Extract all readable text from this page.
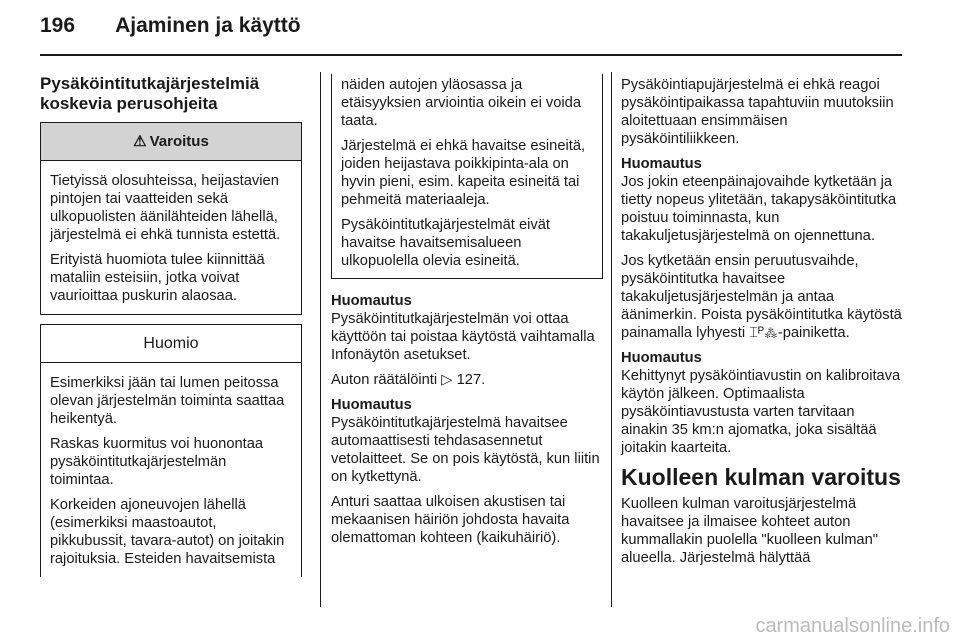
196 Ajaminen ja käyttö
Pysäköintitutkajärjestelmiä koskevia perusohjeita
⚠ Varoitus

Tietyissä olosuhteissa, heijastavien pintojen tai vaatteiden sekä ulkopuolisten äänilähteiden lähellä, järjestelmä ei ehkä tunnista estettä.

Erityistä huomiota tulee kiinnittää mataliin esteisiin, jotka voivat vaurioittaa puskurin alaosaa.

Huomio

Esimerkiksi jään tai lumen peitossa olevan järjestelmän toiminta saattaa heikentyä.

Raskas kuormitus voi huonontaa pysäköintitutkajärjestelmän toimintaa.

Korkeiden ajoneuvojen lähellä (esimerkiksi maastoautot, pikkubussit, tavara-autot) on joitakin rajoituksia. Esteiden havaitsemista

näiden autojen yläosassa ja etäisyyksien arviointia oikein ei voida taata.

Järjestelmä ei ehkä havaitse esineitä, joiden heijastava poikkipinta-ala on hyvin pieni, esim. kapeita esineitä tai pehmeitä materiaaleja.

Pysäköintitutkajärjestelmät eivät havaitse havaitsemisalueen ulkopuolella olevia esineitä.

Huomautus
Pysäköintitutkajärjestelmän voi ottaa käyttöön tai poistaa käytöstä vaihtamalla Infonäytön asetukset.

Auton räätälöinti ▷ 127.

Huomautus
Pysäköintitutkajärjestelmä havaitsee automaattisesti tehdasasennetut vetolaitteet. Se on pois käytöstä, kun liitin on kytkettynä.

Anturi saattaa ulkoisen akustisen tai mekaanisen häiriön johdosta havaita olemattoman kohteen (kaikuhäiriö).

Pysäköintiapujärjestelmä ei ehkä reagoi pysäköintipaikassa tapahtuviin muutoksiin aloitettuaan ensimmäisen pysäköintiliikkeen.

Huomautus
Jos jokin eteenpäinajovaihde kytketään ja tietty nopeus ylitetään, takapysäköintitutka poistuu toiminnasta, kun takakuljetusjärjestelmä on ojennettuna.

Jos kytketään ensin peruutusvaihde, pysäköintitutka havaitsee takakuljetusjärjestelmän ja antaa äänimerkin. Poista pysäköintitutka käytöstä painamalla lyhyesti ⌶ᴾ⁂-painiketta.

Huomautus
Kehittynyt pysäköintiavustin on kalibroitava käytön jälkeen. Optimaalista pysäköintiavustusta varten tarvitaan ainakin 35 km:n ajomatka, joka sisältää joitakin kaarteita.

Kuolleen kulman varoitus

Kuolleen kulman varoitusjärjestelmä havaitsee ja ilmaisee kohteet auton kummallakin puolella "kuolleen kulman" alueella. Järjestelmä hälyttää

carmanualsonline.info
